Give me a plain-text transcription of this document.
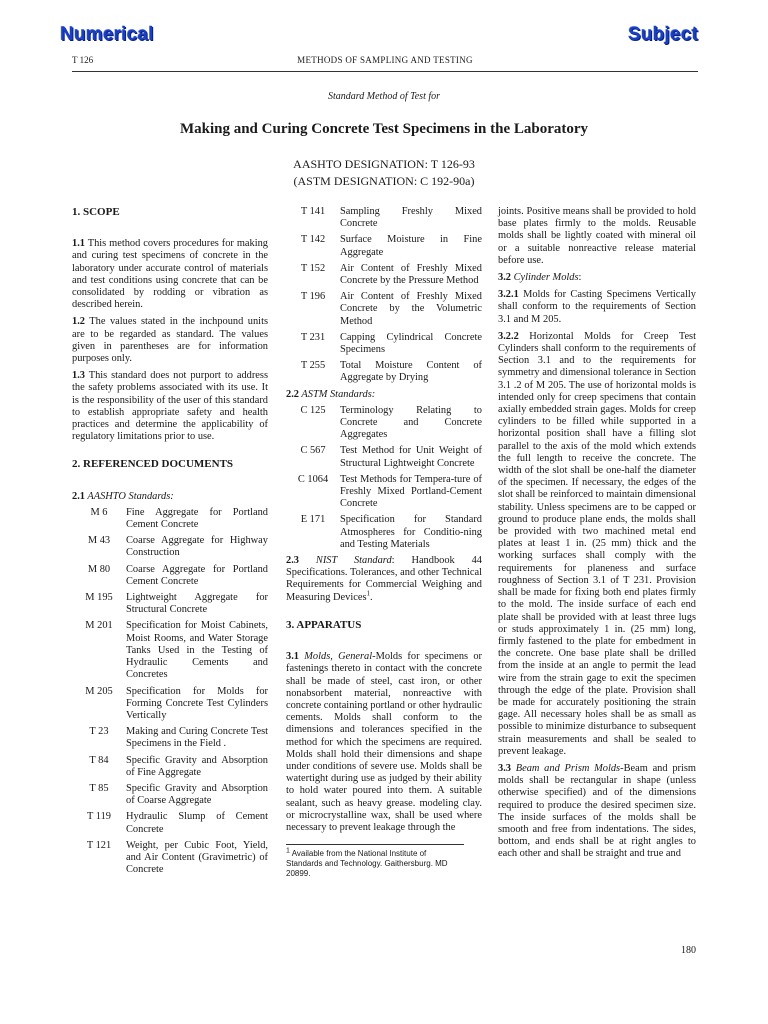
Numerical	Subject
T 126	METHODS OF SAMPLING AND TESTING
Standard Method of Test for
Making and Curing Concrete Test Specimens in the Laboratory
AASHTO DESIGNATION: T 126-93
(ASTM DESIGNATION: C 192-90a)
1. SCOPE

1.1 This method covers procedures for making and curing test specimens of concrete in the laboratory under accurate control of materials and test conditions using concrete that can be consolidated by rodding or vibration as described herein.

1.2 The values stated in the inchpound units are to be regarded as standard. The values given in parentheses are for information purposes only.

1.3 This standard does not purport to address the safety problems associated with its use. It is the responsibility of the user of this standard to establish appropriate safety and health practices and determine the applicability of regulatory limitations prior to use.

2. REFERENCED DOCUMENTS

2.1 AASHTO Standards:

M 6	Fine Aggregate for Portland Cement Concrete
M 43	Coarse Aggregate for Highway Construction
M 80	Coarse Aggregate for Portland Cement Concrete
M 195	Lightweight Aggregate for Structural Concrete
M 201	Specification for Moist Cabinets, Moist Rooms, and Water Storage Tanks Used in the Testing of Hydraulic Cements and Concretes
M 205	Specification for Molds for Forming Concrete Test Cylinders Vertically
T 23	Making and Curing Concrete Test Specimens in the Field .
T 84	Specific Gravity and Absorption of Fine Aggregate
T 85	Specific Gravity and Absorption of Coarse Aggregate
T 119	Hydraulic Slump of Cement Concrete
T 121	Weight, per Cubic Foot, Yield, and Air Content (Gravimetric) of Concrete
T 141	Sampling Freshly Mixed Concrete
T 142	Surface Moisture in Fine Aggregate
T 152	Air Content of Freshly Mixed Concrete by the Pressure Method
T 196	Air Content of Freshly Mixed Concrete by the Volumetric Method
T 231	Capping Cylindrical Concrete Specimens
T 255	Total Moisture Content of Aggregate by Drying

2.2 ASTM Standards:

C 125	Terminology Relating to Concrete and Concrete Aggregates
C 567	Test Method for Unit Weight of Structural Lightweight Concrete
C 1064	Test Methods for Tempera-ture of Freshly Mixed Portland-Cement Concrete
E 171	Specification for Standard Atmospheres for Conditio-ning and Testing Materials

2.3 NIST Standard: Handbook 44 Specifications. Tolerances, and other Technical Requirements for Commercial Weighing and Measuring Devices$^1$.

3. APPARATUS

3.1 Molds, General-Molds for specimens or fastenings thereto in contact with the concrete shall be made of steel, cast iron, or other nonabsorbent material, nonreactive with concrete containing portland or other hydraulic cements. Molds shall conform to the dimensions and tolerances specified in the method for which the specimens are required. Molds shall hold their dimensions and shape under conditions of severe use. Molds shall be watertight during use as judged by their ability to hold water poured into them. A suitable sealant, such as heavy grease. modeling clay. or microcrystalline wax, shall be used where necessary to prevent leakage through the

$^1$ Available from the National Institute of Standards and Technology. Gaithersburg. MD 20899.

joints. Positive means shall be provided to hold base plates firmly to the molds. Reusable molds shall be lightly coated with mineral oil or a suitable nonreactive release material before use.

3.2 Cylinder Molds:

3.2.1 Molds for Casting Specimens Vertically shall conform to the requirements of Section 3.1 and M 205.

3.2.2 Horizontal Molds for Creep Test Cylinders shall conform to the requirements of Section 3.1 and to the requirements for symmetry and dimensional tolerance in Section 3.1 .2 of M 205. The use of horizontal molds is intended only for creep specimens that contain axially embedded strain gages. Molds for creep cylinders to be filled while supported in a horizontal position shall have a filling slot parallel to the axis of the mold which extends the full length to receive the concrete. The width of the slot shall be one-half the diameter of the specimen. If necessary, the edges of the slot shall be reinforced to maintain dimensional stability. Unless specimens are to be capped or ground to produce plane ends, the molds shall be provided with two machined metal end plates at least 1 in. (25 mm) thick and the working surfaces shall comply with the requirements for planeness and surface roughness of Section 3.1 of T 231. Provision shall be made for fixing both end plates firmly to the mold. The inside surface of each end plate shall be provided with at least three lugs or studs approximately 1 in. (25 mm) long, firmly fastened to the plate for embedment in the concrete. One base plate shall be drilled from the inside at an angle to permit the lead wire from the strain gage to exit the specimen through the edge of the plate. Provision shall be made for accurately positioning the strain gage. All necessary holes shall be as small as possible to minimize disturbance to subsequent strain measurements and shall be sealed to prevent leakage.

3.3 Beam and Prism Molds-Beam and prism molds shall be rectangular in shape (unless otherwise specified) and of the dimensions required to produce the desired specimen size. The inside surfaces of the molds shall be smooth and free from indentations. The sides, bottom, and ends shall be at right angles to each other and shall be straight and true and

180
